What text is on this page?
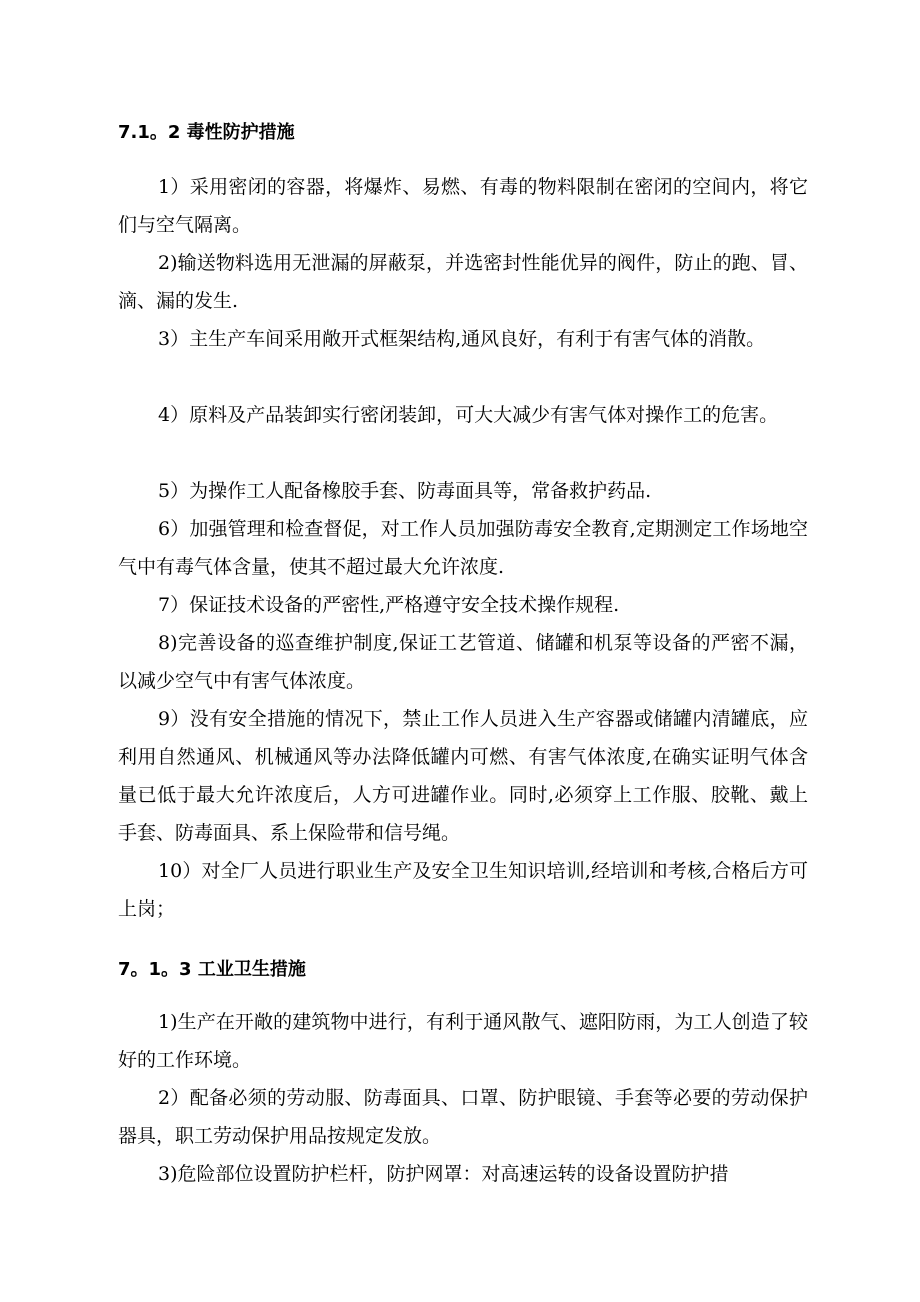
7.1。2 毒性防护措施

1）采用密闭的容器，将爆炸、易燃、有毒的物料限制在密闭的空间内，将它们与空气隔离。

2)输送物料选用无泄漏的屏蔽泵，并选密封性能优异的阀件，防止的跑、冒、滴、漏的发生.

3）主生产车间采用敞开式框架结构,通风良好，有利于有害气体的消散。

4）原料及产品装卸实行密闭装卸，可大大减少有害气体对操作工的危害。

5）为操作工人配备橡胶手套、防毒面具等，常备救护药品.

6）加强管理和检查督促，对工作人员加强防毒安全教育,定期测定工作场地空气中有毒气体含量，使其不超过最大允许浓度.

7）保证技术设备的严密性,严格遵守安全技术操作规程.

8)完善设备的巡查维护制度,保证工艺管道、储罐和机泵等设备的严密不漏，以减少空气中有害气体浓度。

9）没有安全措施的情况下，禁止工作人员进入生产容器或储罐内清罐底，应利用自然通风、机械通风等办法降低罐内可燃、有害气体浓度,在确实证明气体含量已低于最大允许浓度后，人方可进罐作业。同时,必须穿上工作服、胶靴、戴上手套、防毒面具、系上保险带和信号绳。

10）对全厂人员进行职业生产及安全卫生知识培训,经培训和考核,合格后方可上岗；

7。1。3 工业卫生措施

1)生产在开敞的建筑物中进行，有利于通风散气、遮阳防雨，为工人创造了较好的工作环境。

2）配备必须的劳动服、防毒面具、口罩、防护眼镜、手套等必要的劳动保护器具，职工劳动保护用品按规定发放。

3)危险部位设置防护栏杆，防护网罩：对高速运转的设备设置防护措
